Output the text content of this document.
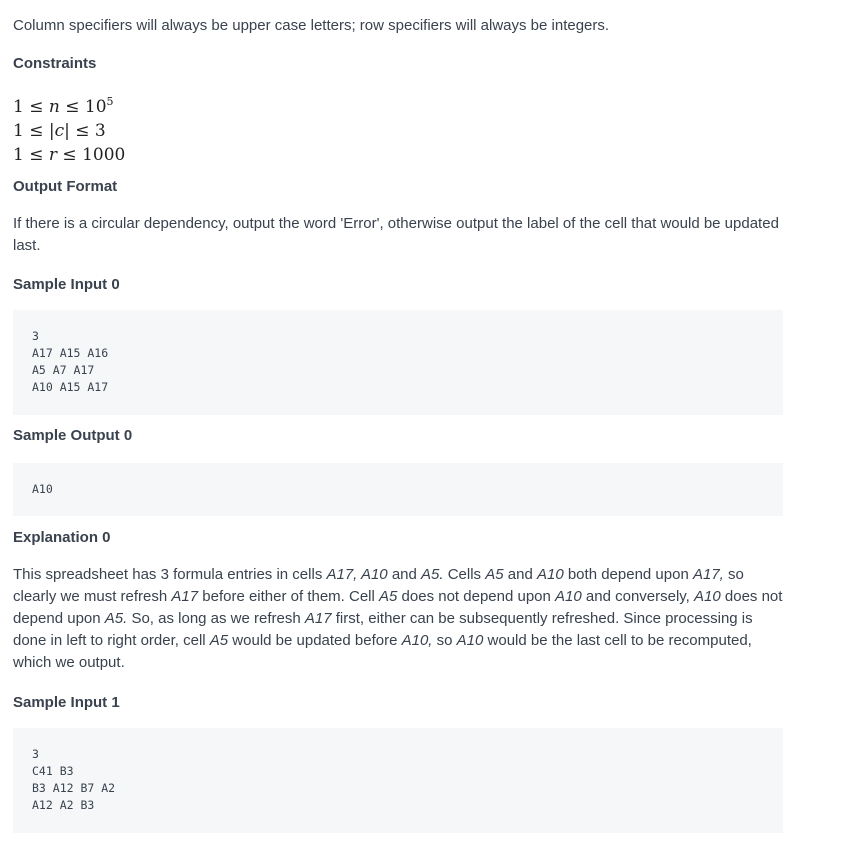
Column specifiers will always be upper case letters; row specifiers will always be integers.

Constraints
$1 \le n \le 10^5$
1 ≤ |c| ≤ 3
1 ≤ r ≤ 1000
Output Format

If there is a circular dependency, output the word 'Error', otherwise output the label of the cell that would be updated last.

Sample Input 0
3
A17 A15 A16
A5 A7 A17
A10 A15 A17
Sample Output 0
A10
Explanation 0

This spreadsheet has 3 formula entries in cells A17, A10 and A5. Cells A5 and A10 both depend upon A17, so clearly we must refresh A17 before either of them. Cell A5 does not depend upon A10 and conversely, A10 does not depend upon A5. So, as long as we refresh A17 first, either can be subsequently refreshed. Since processing is done in left to right order, cell A5 would be updated before A10, so A10 would be the last cell to be recomputed, which we output.

Sample Input 1
3
C41 B3
B3 A12 B7 A2
A12 A2 B3
